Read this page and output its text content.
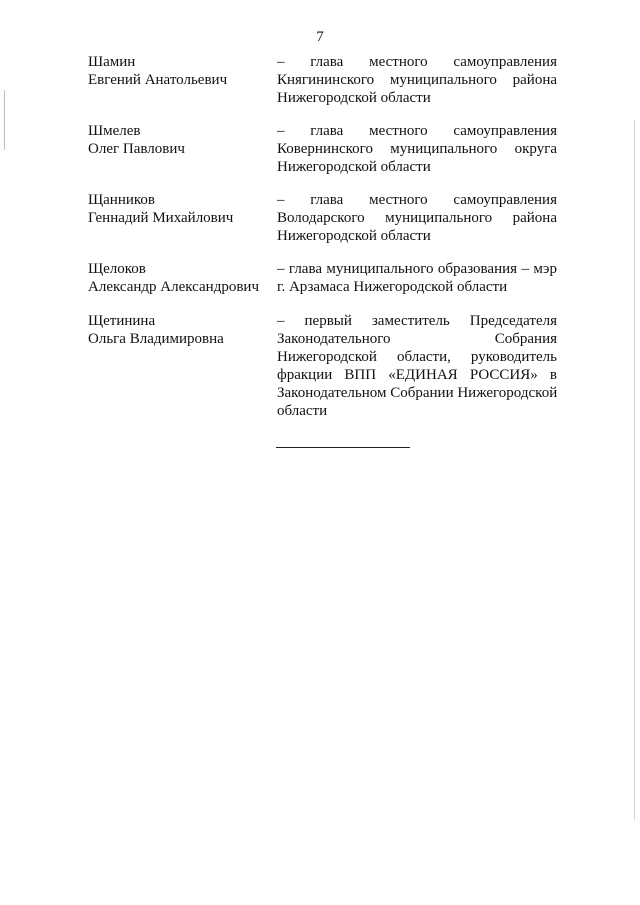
7
Шамин
Евгений Анатольевич
– глава местного самоуправления
Княгининского муниципального района
Нижегородской области
Шмелев
Олег Павлович
– глава местного самоуправления
Ковернинского муниципального округа
Нижегородской области
Щанников
Геннадий Михайлович
– глава местного самоуправления
Володарского муниципального района
Нижегородской области
Щелоков
Александр Александрович
– глава муниципального образования – мэр
г. Арзамаса Нижегородской области
Щетинина
Ольга Владимировна
– первый заместитель Председателя
Законодательного Собрания
Нижегородской области, руководитель
фракции ВПП «ЕДИНАЯ РОССИЯ» в
Законодательном Собрании Нижегородской
области
